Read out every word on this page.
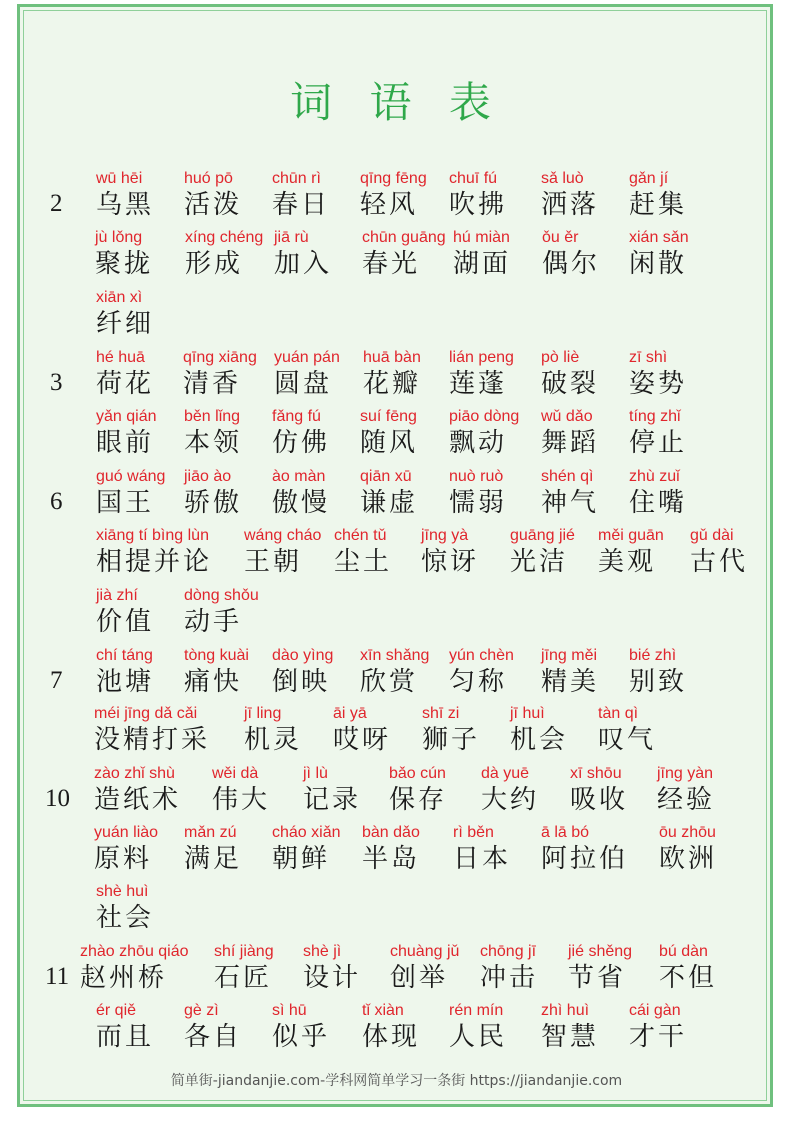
词 语 表
2
wū hēi
乌黑
huó pō
活泼
chūn rì
春日
qīng fēng
轻风
chuī fú
吹拂
sǎ luò
洒落
gǎn jí
赶集
jù lǒng
聚拢
xíng chéng
形成
jiā rù
加入
chūn guāng
春光
hú miàn
湖面
ǒu ěr
偶尔
xián sǎn
闲散
xiān xì
纤细
3
hé huā
荷花
qīng xiāng
清香
yuán pán
圆盘
huā bàn
花瓣
lián peng
莲蓬
pò liè
破裂
zī shì
姿势
yǎn qián
眼前
běn lǐng
本领
fǎng fú
仿佛
suí fēng
随风
piāo dòng
飘动
wǔ dǎo
舞蹈
tíng zhǐ
停止
6
guó wáng
国王
jiāo ào
骄傲
ào màn
傲慢
qiān xū
谦虚
nuò ruò
懦弱
shén qì
神气
zhù zuǐ
住嘴
xiāng tí bìng lùn
相提并论
wáng cháo
王朝
chén tǔ
尘土
jīng yà
惊讶
guāng jié
光洁
měi guān
美观
gǔ dài
古代
jià zhí
价值
dòng shǒu
动手
7
chí táng
池塘
tòng kuài
痛快
dào yìng
倒映
xīn shǎng
欣赏
yún chèn
匀称
jīng měi
精美
bié zhì
别致
méi jīng dǎ cǎi
没精打采
jī ling
机灵
āi yā
哎呀
shī zi
狮子
jī huì
机会
tàn qì
叹气
10
zào zhǐ shù
造纸术
wěi dà
伟大
jì lù
记录
bǎo cún
保存
dà yuē
大约
xī shōu
吸收
jīng yàn
经验
yuán liào
原料
mǎn zú
满足
cháo xiǎn
朝鲜
bàn dǎo
半岛
rì běn
日本
ā lā bó
阿拉伯
ōu zhōu
欧洲
shè huì
社会
11
zhào zhōu qiáo
赵州桥
shí jiàng
石匠
shè jì
设计
chuàng jǔ
创举
chōng jī
冲击
jié shěng
节省
bú dàn
不但
ér qiě
而且
gè zì
各自
sì hū
似乎
tǐ xiàn
体现
rén mín
人民
zhì huì
智慧
cái gàn
才干
简单街-jiandanjie.com-学科网简单学习一条街 https://jiandanjie.com
